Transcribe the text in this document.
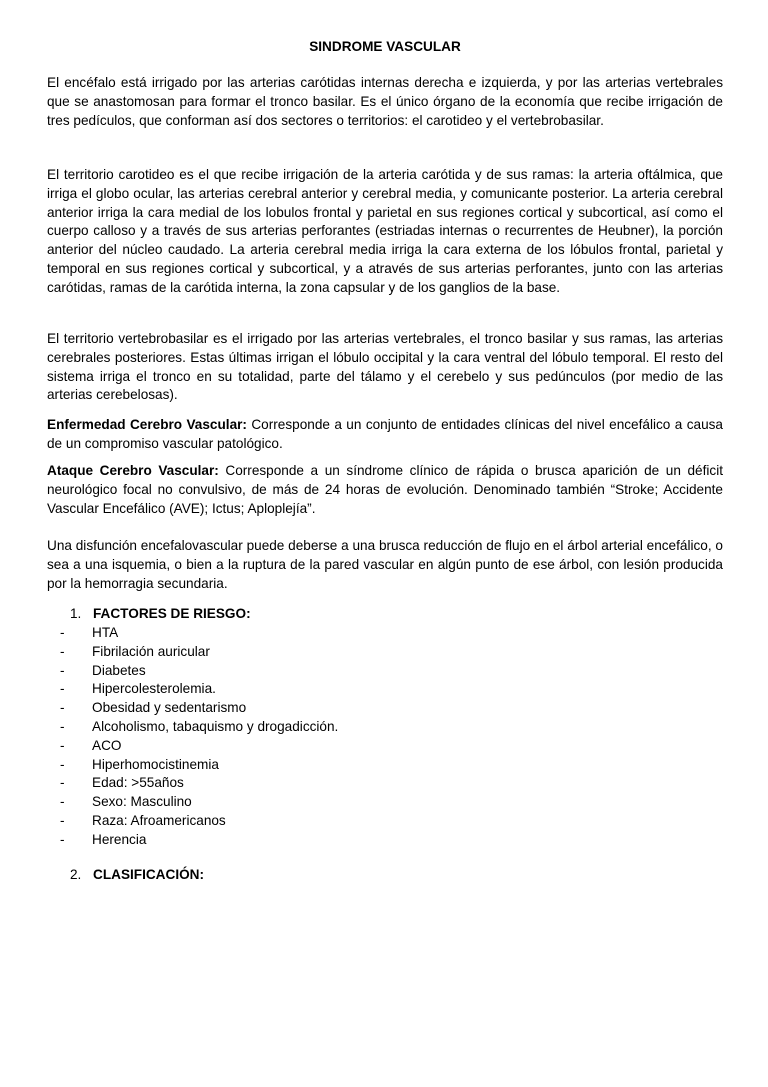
SINDROME VASCULAR

El encéfalo está irrigado por las arterias carótidas internas derecha e izquierda, y por las arterias vertebrales que se anastomosan para formar el tronco basilar. Es el único órgano de la economía que recibe irrigación de tres pedículos, que conforman así dos sectores o territorios: el carotideo y el vertebrobasilar.

El territorio carotideo es el que recibe irrigación de la arteria carótida y de sus ramas: la arteria oftálmica, que irriga el globo ocular, las arterias cerebral anterior y cerebral media, y comunicante posterior. La arteria cerebral anterior irriga la cara medial de los lobulos frontal y parietal en sus regiones cortical y subcortical, así como el cuerpo calloso y a través de sus arterias perforantes (estriadas internas o recurrentes de Heubner), la porción anterior del núcleo caudado. La arteria cerebral media irriga la cara externa de los lóbulos frontal, parietal y temporal en sus regiones cortical y subcortical, y a através de sus arterias perforantes, junto con las arterias carótidas, ramas de la carótida interna, la zona capsular y de los ganglios de la base.

El territorio vertebrobasilar es el irrigado por las arterias vertebrales, el tronco basilar y sus ramas, las arterias cerebrales posteriores. Estas últimas irrigan el lóbulo occipital y la cara ventral del lóbulo temporal. El resto del sistema irriga el tronco en su totalidad, parte del tálamo y el cerebelo y sus pedúnculos (por medio de las arterias cerebelosas).

Enfermedad Cerebro Vascular: Corresponde a un conjunto de entidades clínicas del nivel encefálico a causa de un compromiso vascular patológico.

Ataque Cerebro Vascular: Corresponde a un síndrome clínico de rápida o brusca aparición de un déficit neurológico focal no convulsivo, de más de 24 horas de evolución. Denominado también “Stroke; Accidente Vascular Encefálico (AVE); Ictus; Aploplejía”.

Una disfunción encefalovascular puede deberse a una brusca reducción de flujo en el árbol arterial encefálico, o sea a una isquemia, o bien a la ruptura de la pared vascular en algún punto de ese árbol, con lesión producida por la hemorragia secundaria.

1. FACTORES DE RIESGO:
- HTA
- Fibrilación auricular
- Diabetes
- Hipercolesterolemia.
- Obesidad y sedentarismo
- Alcoholismo, tabaquismo y drogadicción.
- ACO
- Hiperhomocistinemia
- Edad: >55años
- Sexo: Masculino
- Raza: Afroamericanos
- Herencia
2. CLASIFICACIÓN:
